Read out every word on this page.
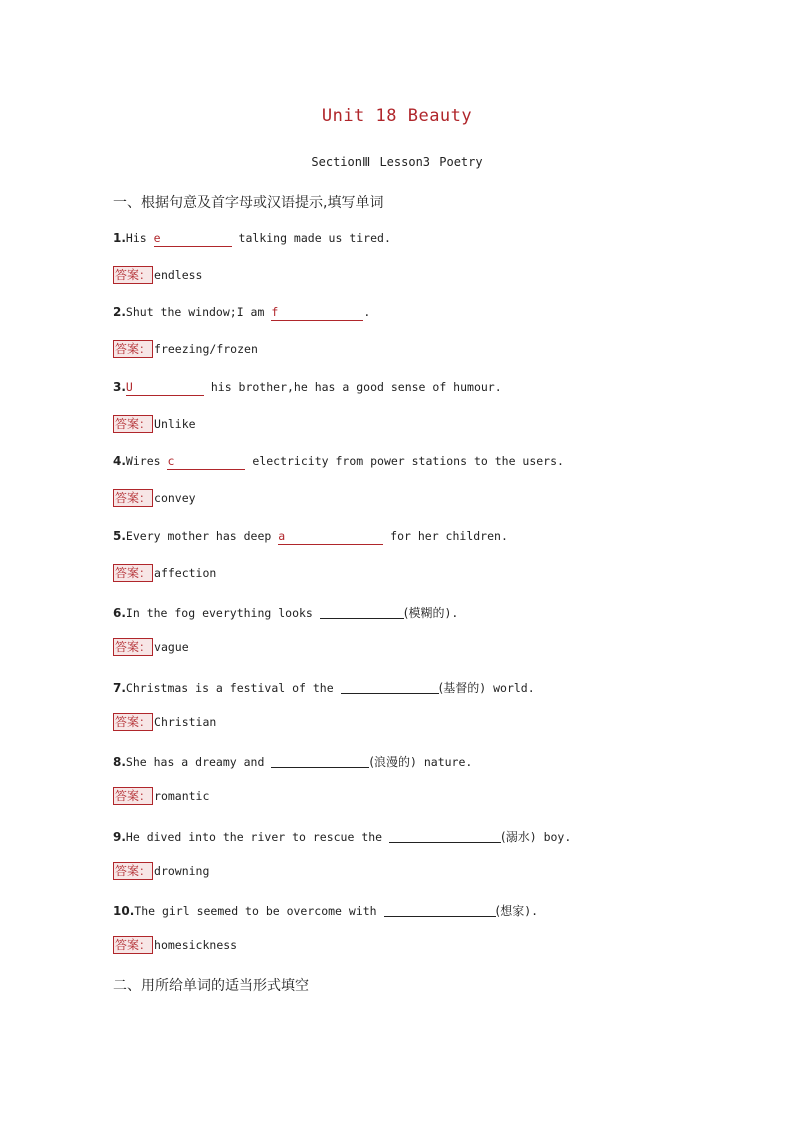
Unit 18 Beauty
SectionⅢ Lesson3 Poetry
一、根据句意及首字母或汉语提示,填写单词
1.His e	talking made us tired.
答案： endless
2.Shut the window;I am f	.
答案： freezing/frozen
3.U	his brother,he has a good sense of humour.
答案： Unlike
4.Wires c	electricity from power stations to the users.
答案： convey
5.Every mother has deep a	for her children.
答案： affection
6.In the fog everything looks	(模糊的).
答案： vague
7.Christmas is a festival of the	(基督的) world.
答案： Christian
8.She has a dreamy and	(浪漫的) nature.
答案： romantic
9.He dived into the river to rescue the	(溺水) boy.
答案： drowning
10.The girl seemed to be overcome with	(想家).
答案： homesickness
二、用所给单词的适当形式填空
